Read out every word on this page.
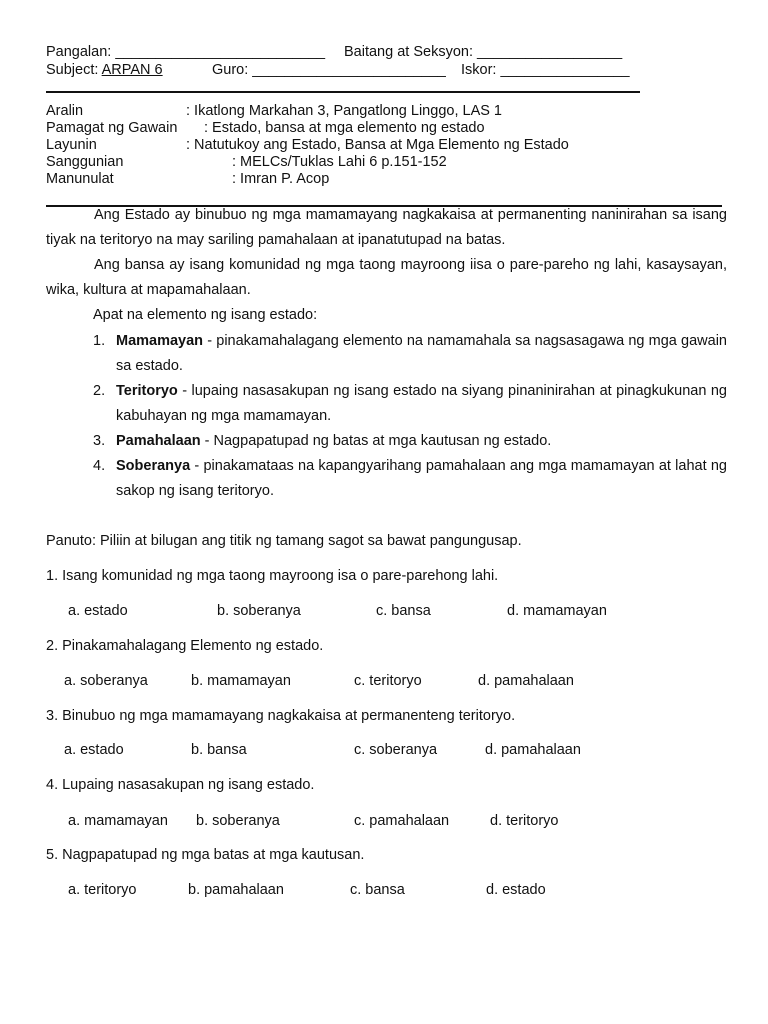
Pangalan: __________________________ Baitang at Seksyon: __________________
Subject: ARPAN 6	Guro: ________________________ Iskor: ________________
Aralin	: Ikatlong Markahan 3, Pangatlong Linggo, LAS 1
Pamagat ng Gawain : Estado, bansa at mga elemento ng estado
Layunin	: Natutukoy ang Estado, Bansa at Mga Elemento ng Estado
Sanggunian	: MELCs/Tuklas Lahi 6 p.151-152
Manunulat	: Imran P. Acop
Ang Estado ay binubuo ng mga mamamayang nagkakaisa at permanenting naninirahan sa isang tiyak na teritoryo na may sariling pamahalaan at ipanatutupad na batas.
Ang bansa ay isang komunidad ng mga taong mayroong iisa o pare-pareho ng lahi, kasaysayan, wika, kultura at mapamahalaan.
Apat na elemento ng isang estado:
1. Mamamayan - pinakamahalagang elemento na namamahala sa nagsasagawa ng mga gawain sa estado.
2. Teritoryo - lupaing nasasakupan ng isang estado na siyang pinaninirahan at pinagkukunan ng kabuhayan ng mga mamamayan.
3. Pamahalaan - Nagpapatupad ng batas at mga kautusan ng estado.
4. Soberanya - pinakamataas na kapangyarihang pamahalaan ang mga mamamayan at lahat ng sakop ng isang teritoryo.
Panuto: Piliin at bilugan ang titik ng tamang sagot sa bawat pangungusap.
1. Isang komunidad ng mga taong mayroong isa o pare-parehong lahi.
a. estado	b. soberanya	c. bansa	d. mamamayan
2. Pinakamahalagang Elemento ng estado.
a. soberanya	b. mamamayan	c. teritoryo	d. pamahalaan
3. Binubuo ng mga mamamayang nagkakaisa at permanenteng teritoryo.
a. estado	b. bansa	c. soberanya	d. pamahalaan
4. Lupaing nasasakupan ng isang estado.
a. mamamayan b. soberanya	c. pamahalaan	d. teritoryo
5. Nagpapatupad ng mga batas at mga kautusan.
a. teritoryo	b. pamahalaan	c. bansa	d. estado
